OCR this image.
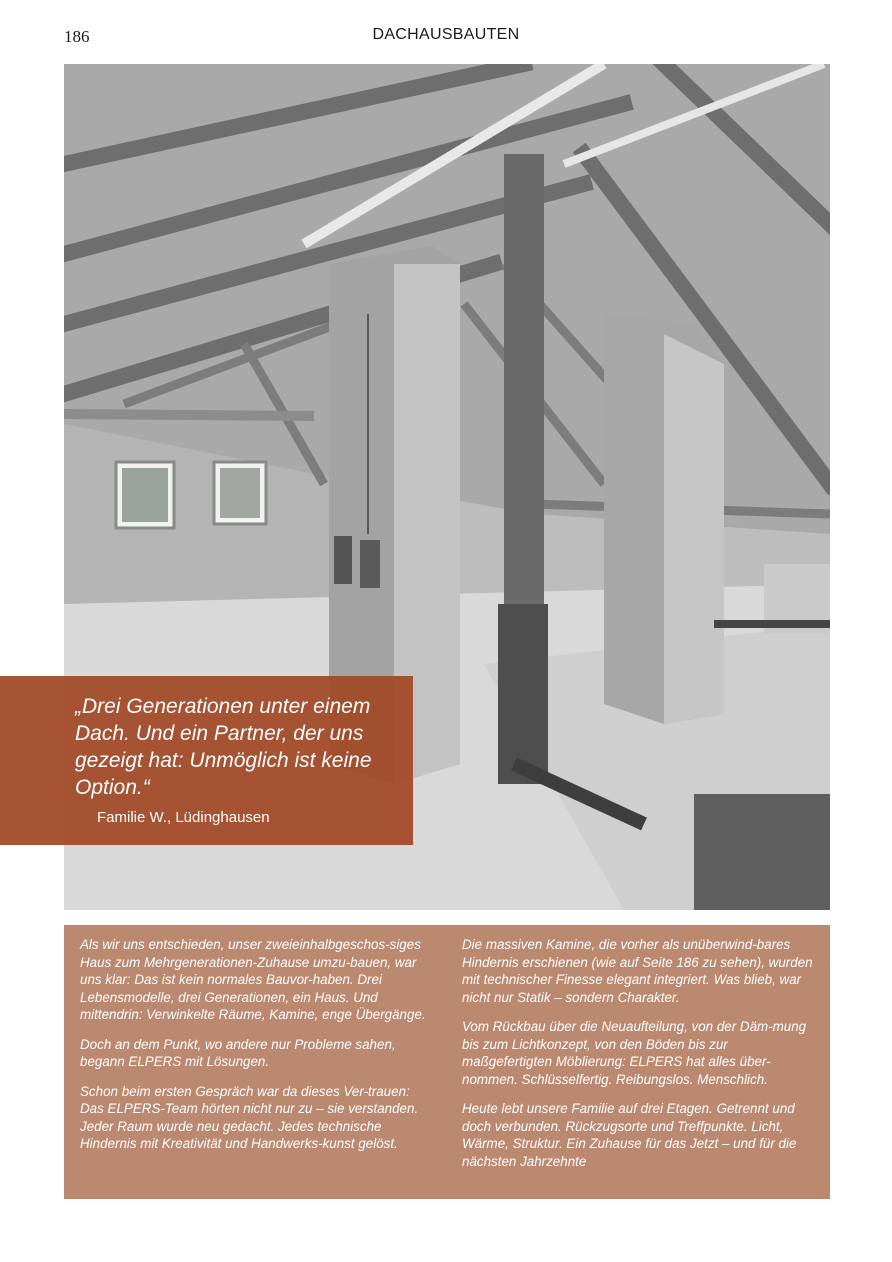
186	DACHAUSBAUTEN

„Drei Generationen unter einem Dach. Und ein Partner, der uns gezeigt hat: Unmöglich ist keine Option.“

Familie W., Lüdinghausen

Als wir uns entschieden, unser zweieinhalbgeschos-siges Haus zum Mehrgenerationen-Zuhause umzu-bauen, war uns klar: Das ist kein normales Bauvor-haben. Drei Lebensmodelle, drei Generationen, ein Haus. Und mittendrin: Verwinkelte Räume, Kamine, enge Übergänge.

Doch an dem Punkt, wo andere nur Probleme sahen, begann ELPERS mit Lösungen.

Schon beim ersten Gespräch war da dieses Ver-trauen: Das ELPERS-Team hörten nicht nur zu – sie verstanden. Jeder Raum wurde neu gedacht. Jedes technische Hindernis mit Kreativität und Handwerks-kunst gelöst.

Die massiven Kamine, die vorher als unüberwind-bares Hindernis erschienen (wie auf Seite 186 zu sehen), wurden mit technischer Finesse elegant integriert. Was blieb, war nicht nur Statik – sondern Charakter.

Vom Rückbau über die Neuaufteilung, von der Däm-mung bis zum Lichtkonzept, von den Böden bis zur maßgefertigten Möblierung: ELPERS hat alles über-nommen. Schlüsselfertig. Reibungslos. Menschlich.

Heute lebt unsere Familie auf drei Etagen. Getrennt und doch verbunden. Rückzugsorte und Treffpunkte. Licht, Wärme, Struktur. Ein Zuhause für das Jetzt – und für die nächsten Jahrzehnte
